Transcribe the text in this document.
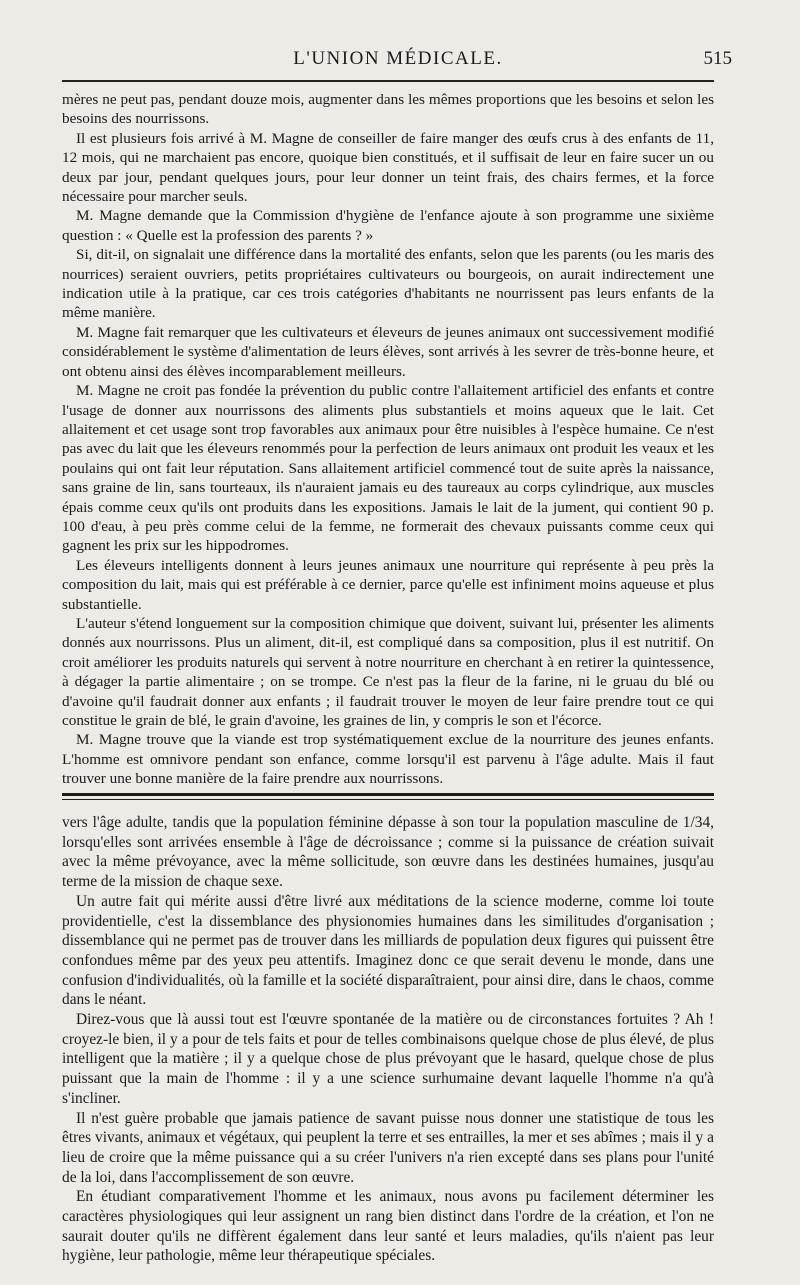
L'UNION MÉDICALE.	515

mères ne peut pas, pendant douze mois, augmenter dans les mêmes proportions que les besoins et selon les besoins des nourrissons.

Il est plusieurs fois arrivé à M. Magne de conseiller de faire manger des œufs crus à des enfants de 11, 12 mois, qui ne marchaient pas encore, quoique bien constitués, et il suffisait de leur en faire sucer un ou deux par jour, pendant quelques jours, pour leur donner un teint frais, des chairs fermes, et la force nécessaire pour marcher seuls.

M. Magne demande que la Commission d'hygiène de l'enfance ajoute à son programme une sixième question : « Quelle est la profession des parents ? »

Si, dit-il, on signalait une différence dans la mortalité des enfants, selon que les parents (ou les maris des nourrices) seraient ouvriers, petits propriétaires cultivateurs ou bourgeois, on aurait indirectement une indication utile à la pratique, car ces trois catégories d'habitants ne nourrissent pas leurs enfants de la même manière.

M. Magne fait remarquer que les cultivateurs et éleveurs de jeunes animaux ont successivement modifié considérablement le système d'alimentation de leurs élèves, sont arrivés à les sevrer de très-bonne heure, et ont obtenu ainsi des élèves incomparablement meilleurs.

M. Magne ne croit pas fondée la prévention du public contre l'allaitement artificiel des enfants et contre l'usage de donner aux nourrissons des aliments plus substantiels et moins aqueux que le lait. Cet allaitement et cet usage sont trop favorables aux animaux pour être nuisibles à l'espèce humaine. Ce n'est pas avec du lait que les éleveurs renommés pour la perfection de leurs animaux ont produit les veaux et les poulains qui ont fait leur réputation. Sans allaitement artificiel commencé tout de suite après la naissance, sans graine de lin, sans tourteaux, ils n'auraient jamais eu des taureaux au corps cylindrique, aux muscles épais comme ceux qu'ils ont produits dans les expositions. Jamais le lait de la jument, qui contient 90 p. 100 d'eau, à peu près comme celui de la femme, ne formerait des chevaux puissants comme ceux qui gagnent les prix sur les hippodromes.

Les éleveurs intelligents donnent à leurs jeunes animaux une nourriture qui représente à peu près la composition du lait, mais qui est préférable à ce dernier, parce qu'elle est infiniment moins aqueuse et plus substantielle.

L'auteur s'étend longuement sur la composition chimique que doivent, suivant lui, présenter les aliments donnés aux nourrissons. Plus un aliment, dit-il, est compliqué dans sa composition, plus il est nutritif. On croit améliorer les produits naturels qui servent à notre nourriture en cherchant à en retirer la quintessence, à dégager la partie alimentaire ; on se trompe. Ce n'est pas la fleur de la farine, ni le gruau du blé ou d'avoine qu'il faudrait donner aux enfants ; il faudrait trouver le moyen de leur faire prendre tout ce qui constitue le grain de blé, le grain d'avoine, les graines de lin, y compris le son et l'écorce.

M. Magne trouve que la viande est trop systématiquement exclue de la nourriture des jeunes enfants. L'homme est omnivore pendant son enfance, comme lorsqu'il est parvenu à l'âge adulte. Mais il faut trouver une bonne manière de la faire prendre aux nourrissons.

vers l'âge adulte, tandis que la population féminine dépasse à son tour la population masculine de 1/34, lorsqu'elles sont arrivées ensemble à l'âge de décroissance ; comme si la puissance de création suivait avec la même prévoyance, avec la même sollicitude, son œuvre dans les destinées humaines, jusqu'au terme de la mission de chaque sexe.

Un autre fait qui mérite aussi d'être livré aux méditations de la science moderne, comme loi toute providentielle, c'est la dissemblance des physionomies humaines dans les similitudes d'organisation ; dissemblance qui ne permet pas de trouver dans les milliards de population deux figures qui puissent être confondues même par des yeux peu attentifs. Imaginez donc ce que serait devenu le monde, dans une confusion d'individualités, où la famille et la société disparaîtraient, pour ainsi dire, dans le chaos, comme dans le néant.

Direz-vous que là aussi tout est l'œuvre spontanée de la matière ou de circonstances fortuites ? Ah ! croyez-le bien, il y a pour de tels faits et pour de telles combinaisons quelque chose de plus élevé, de plus intelligent que la matière ; il y a quelque chose de plus prévoyant que le hasard, quelque chose de plus puissant que la main de l'homme : il y a une science surhumaine devant laquelle l'homme n'a qu'à s'incliner.

Il n'est guère probable que jamais patience de savant puisse nous donner une statistique de tous les êtres vivants, animaux et végétaux, qui peuplent la terre et ses entrailles, la mer et ses abîmes ; mais il y a lieu de croire que la même puissance qui a su créer l'univers n'a rien excepté dans ses plans pour l'unité de la loi, dans l'accomplissement de son œuvre.

En étudiant comparativement l'homme et les animaux, nous avons pu facilement déterminer les caractères physiologiques qui leur assignent un rang bien distinct dans l'ordre de la création, et l'on ne saurait douter qu'ils ne diffèrent également dans leur santé et leurs maladies, qu'ils n'aient pas leur hygiène, leur pathologie, même leur thérapeutique spéciales.
